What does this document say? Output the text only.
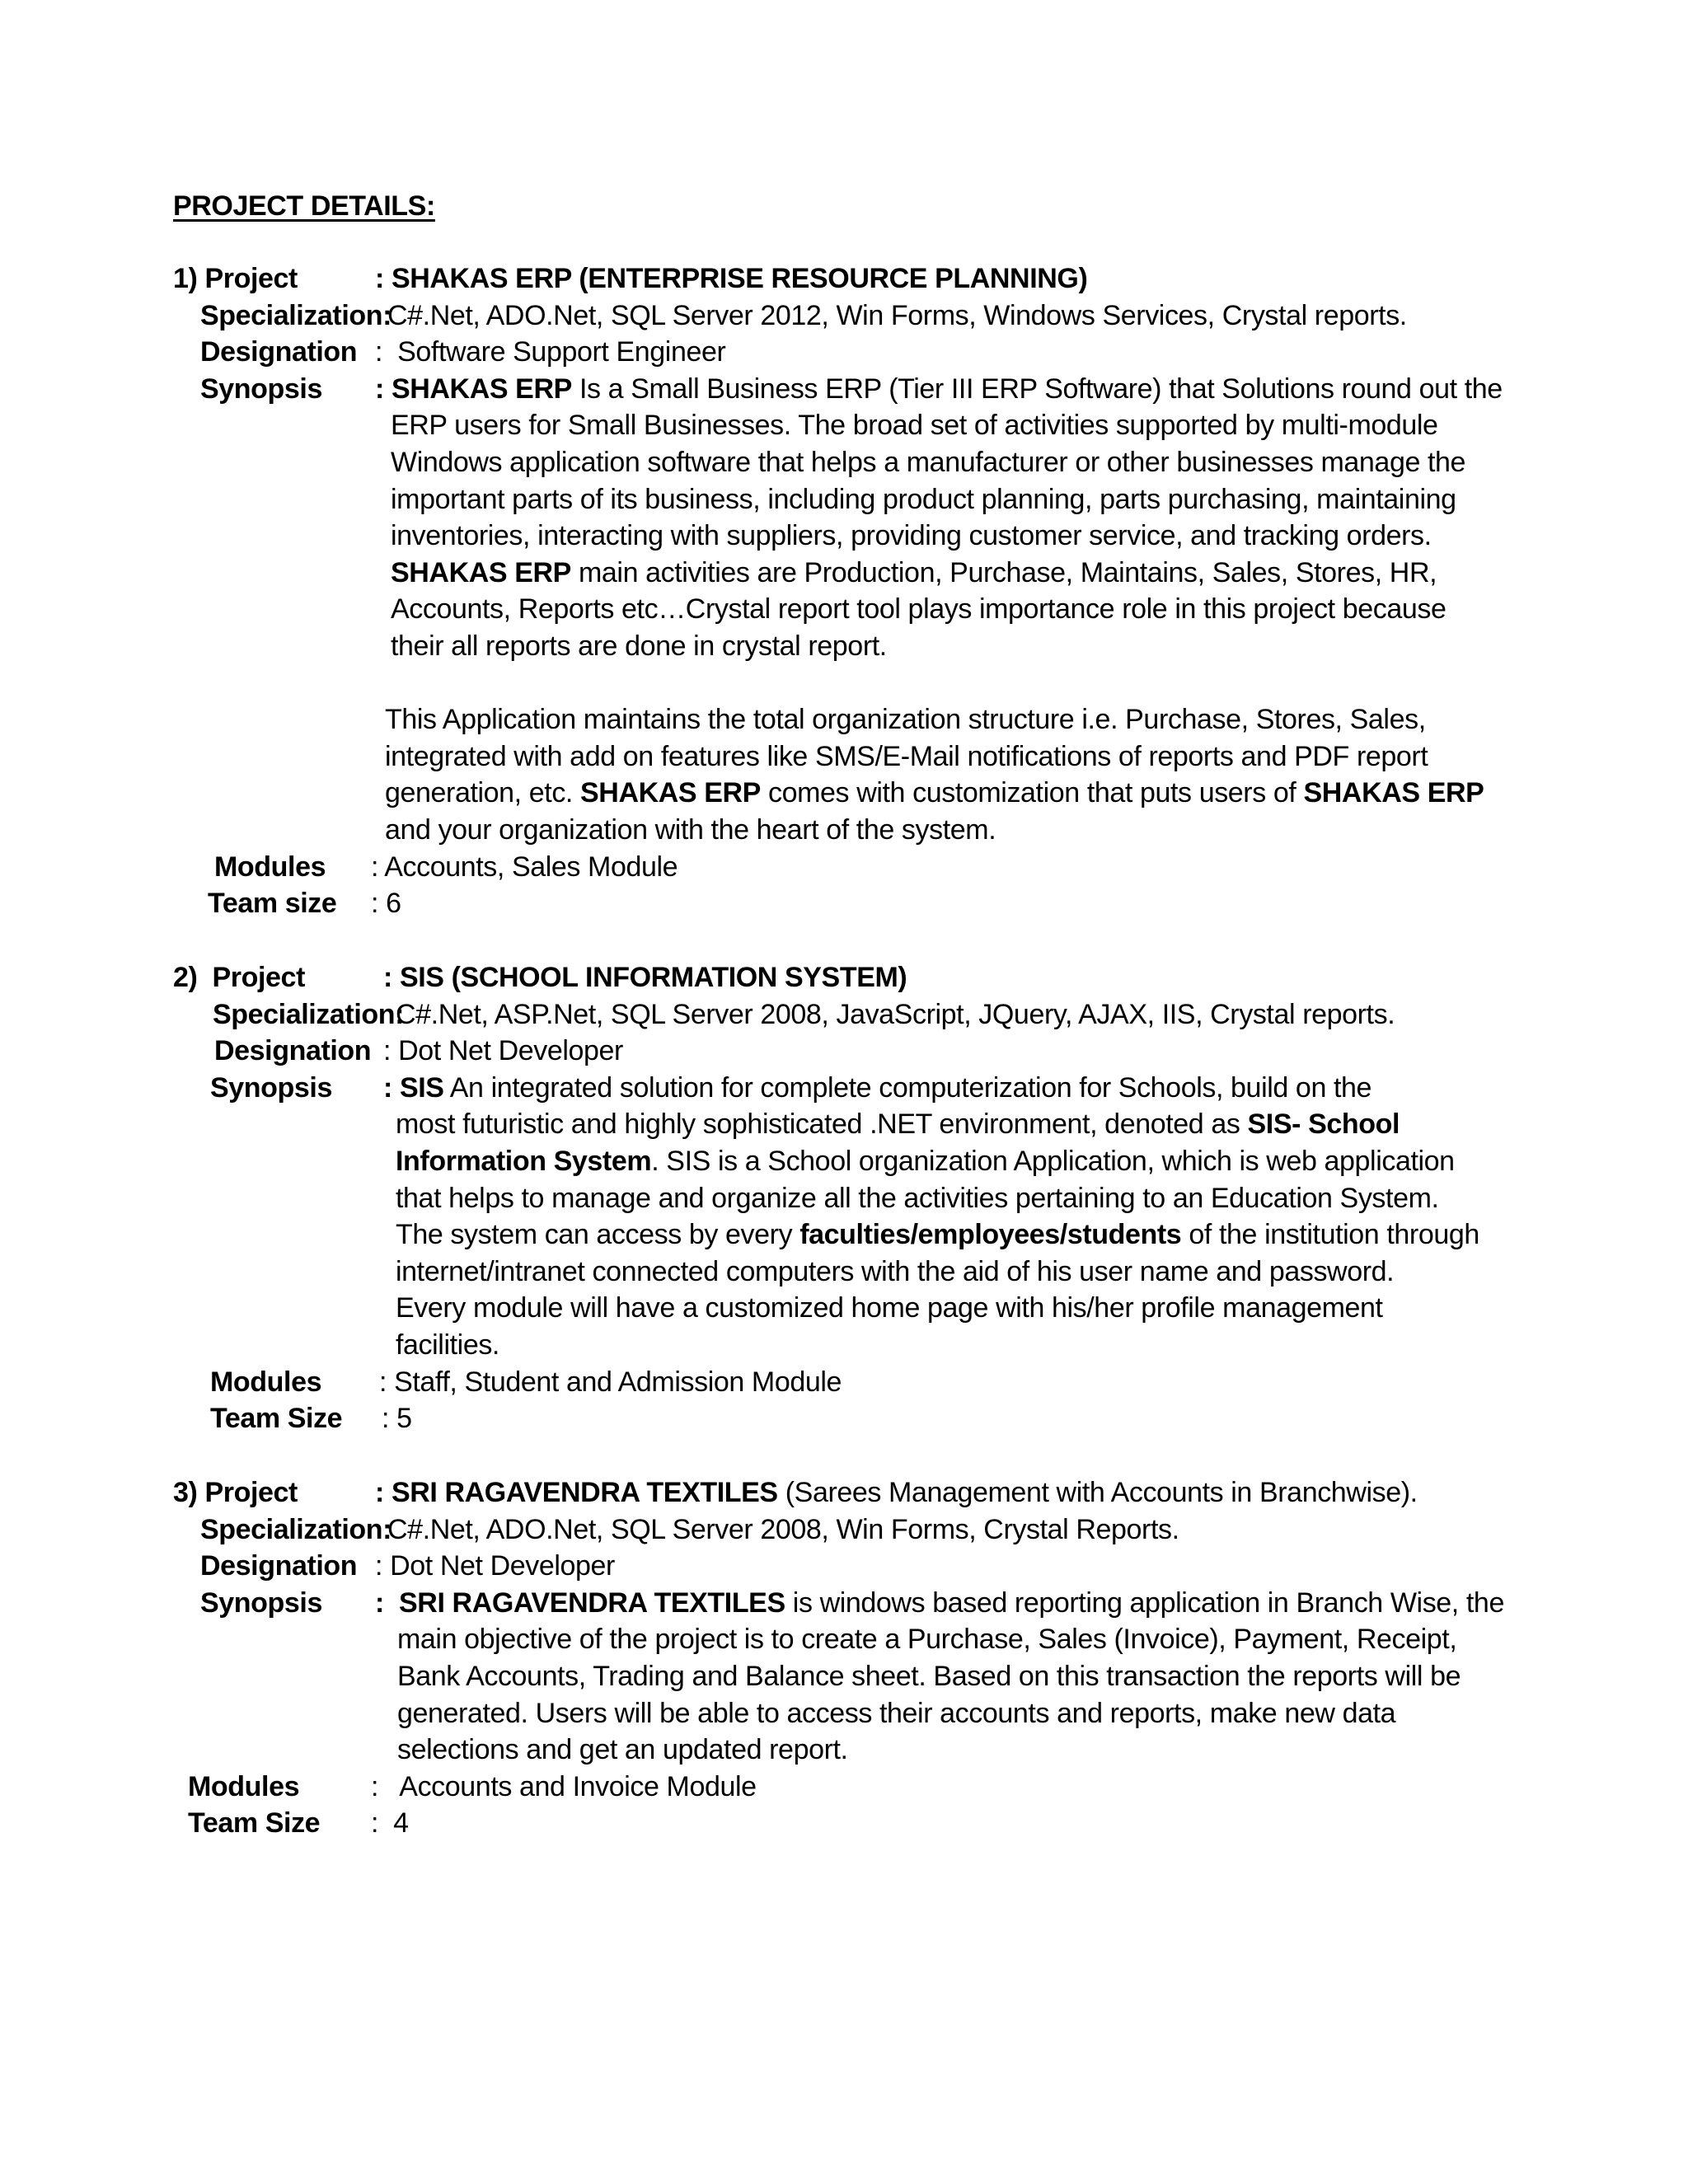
PROJECT DETAILS:
1) Project	: SHAKAS ERP (ENTERPRISE RESOURCE PLANNING)
Specialization:
C#.Net, ADO.Net, SQL Server 2012, Win Forms, Windows Services, Crystal reports.
Designation :  Software Support Engineer
Synopsis : SHAKAS ERP Is a Small Business ERP (Tier III ERP Software) that Solutions round out the
ERP users for Small Businesses. The broad set of activities supported by multi-module
Windows application software that helps a manufacturer or other businesses manage the
important parts of its business, including product planning, parts purchasing, maintaining
inventories, interacting with suppliers, providing customer service, and tracking orders.
SHAKAS ERP main activities are Production, Purchase, Maintains, Sales, Stores, HR,
Accounts, Reports etc…Crystal report tool plays importance role in this project because
their all reports are done in crystal report.
This Application maintains the total organization structure i.e. Purchase, Stores, Sales,
integrated with add on features like SMS/E-Mail notifications of reports and PDF report
generation, etc. SHAKAS ERP comes with customization that puts users of SHAKAS ERP
and your organization with the heart of the system.
Modules : Accounts, Sales Module
Team size : 6
2)  Project	: SIS (SCHOOL INFORMATION SYSTEM)
Specialization:
C#.Net, ASP.Net, SQL Server 2008, JavaScript, JQuery, AJAX, IIS, Crystal reports.
Designation : Dot Net Developer
Synopsis : SIS An integrated solution for complete computerization for Schools, build on the
most futuristic and highly sophisticated .NET environment, denoted as SIS- School
Information System. SIS is a School organization Application, which is web application
that helps to manage and organize all the activities pertaining to an Education System.
The system can access by every faculties/employees/students of the institution through
internet/intranet connected computers with the aid of his user name and password.
Every module will have a customized home page with his/her profile management
facilities.
Modules : Staff, Student and Admission Module
Team Size : 5
3) Project	: SRI RAGAVENDRA TEXTILES (Sarees Management with Accounts in Branchwise).
Specialization:
C#.Net, ADO.Net, SQL Server 2008, Win Forms, Crystal Reports.
Designation : Dot Net Developer
Synopsis :  SRI RAGAVENDRA TEXTILES is windows based reporting application in Branch Wise, the
main objective of the project is to create a Purchase, Sales (Invoice), Payment, Receipt,
Bank Accounts, Trading and Balance sheet. Based on this transaction the reports will be
generated. Users will be able to access their accounts and reports, make new data
selections and get an updated report.
Modules	:   Accounts and Invoice Module
Team Size :  4
